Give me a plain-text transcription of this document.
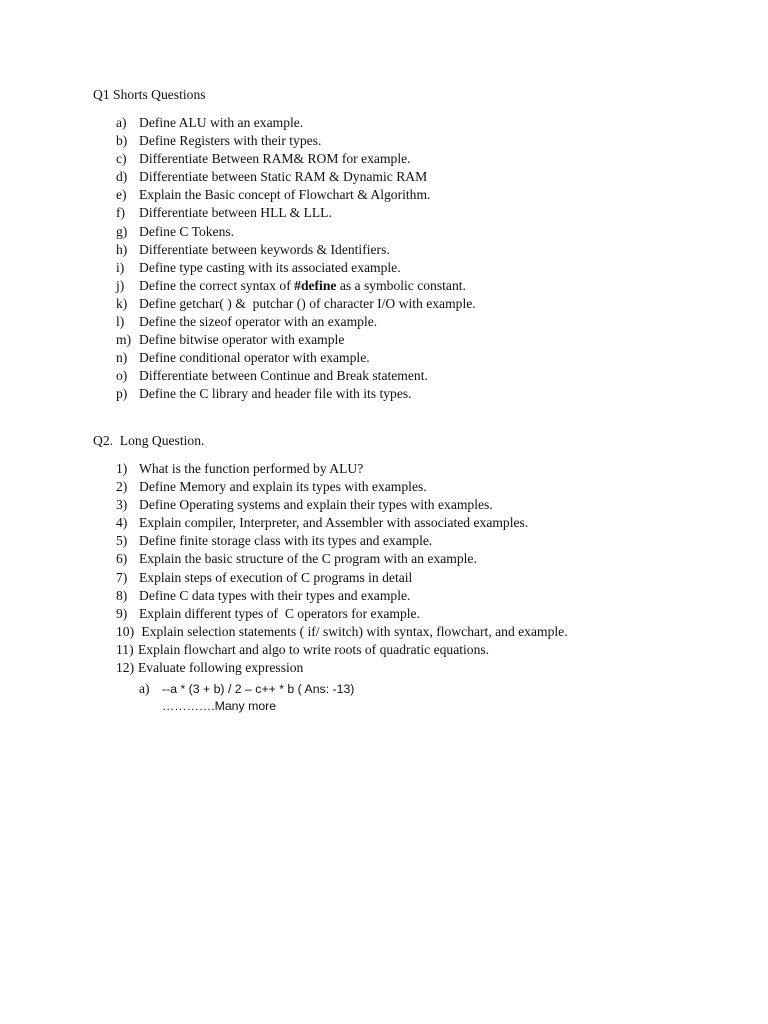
Q1 Shorts Questions
a) Define ALU with an example.
b) Define Registers with their types.
c) Differentiate Between RAM& ROM for example.
d) Differentiate between Static RAM & Dynamic RAM
e) Explain the Basic concept of Flowchart & Algorithm.
f)	Differentiate between HLL & LLL.
g) Define C Tokens.
h) Differentiate between keywords & Identifiers.
i)	Define type casting with its associated example.
j)	Define the correct syntax of #define as a symbolic constant.
k) Define getchar( ) &  putchar () of character I/O with example.
l)	Define the sizeof operator with an example.
m) Define bitwise operator with example
n) Define conditional operator with example.
o) Differentiate between Continue and Break statement.
p) Define the C library and header file with its types.
Q2.  Long Question.
1) What is the function performed by ALU?
2) Define Memory and explain its types with examples.
3) Define Operating systems and explain their types with examples.
4) Explain compiler, Interpreter, and Assembler with associated examples.
5) Define finite storage class with its types and example.
6) Explain the basic structure of the C program with an example.
7) Explain steps of execution of C programs in detail
8) Define C data types with their types and example.
9) Explain different types of  C operators for example.
10) Explain selection statements ( if/ switch) with syntax, flowchart, and example.
11) Explain flowchart and algo to write roots of quadratic equations.
12) Evaluate following expression
a)	--a * (3 + b) / 2 – c++ * b ( Ans: -13)
………….Many more
